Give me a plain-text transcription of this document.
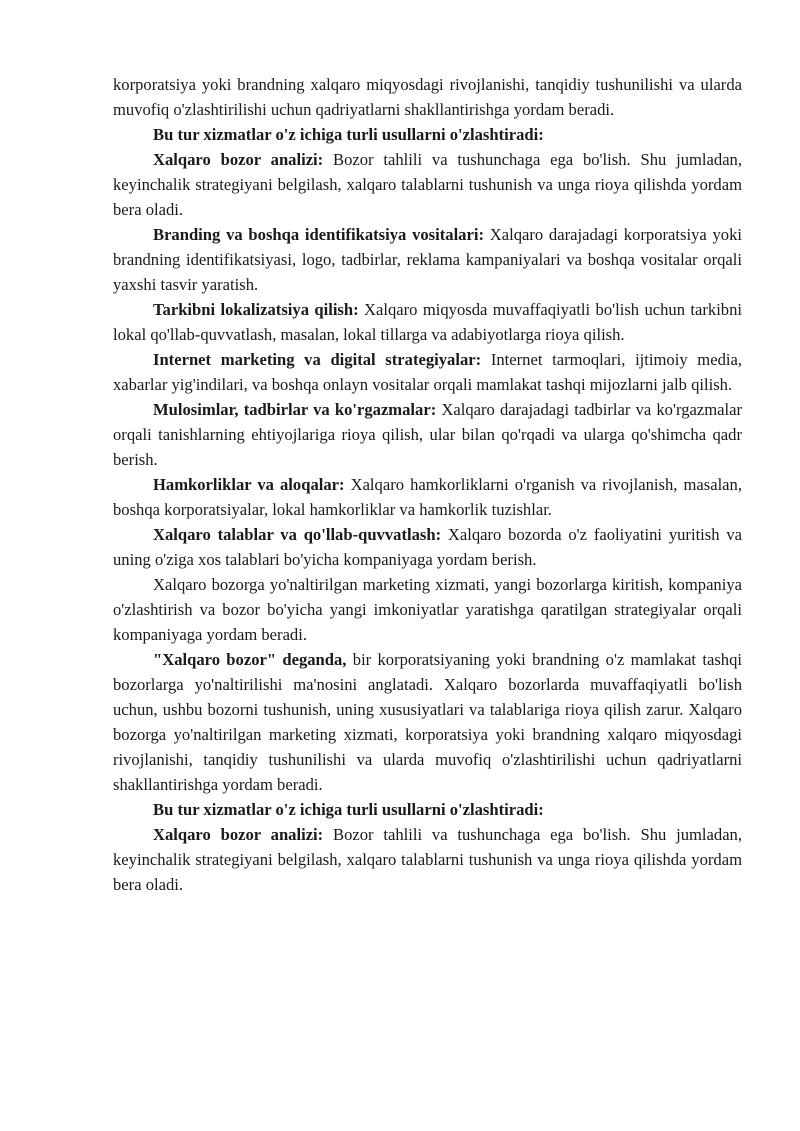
korporatsiya yoki brandning xalqaro miqyosdagi rivojlanishi, tanqidiy tushunilishi va ularda muvofiq o'zlashtirilishi uchun qadriyatlarni shakllantirishga yordam beradi.

Bu tur xizmatlar o'z ichiga turli usullarni o'zlashtiradi:

Xalqaro bozor analizi: Bozor tahlili va tushunchaga ega bo'lish. Shu jumladan, keyinchalik strategiyani belgilash, xalqaro talablarni tushunish va unga rioya qilishda yordam bera oladi.

Branding va boshqa identifikatsiya vositalari: Xalqaro darajadagi korporatsiya yoki brandning identifikatsiyasi, logo, tadbirlar, reklama kampaniyalari va boshqa vositalar orqali yaxshi tasvir yaratish.

Tarkibni lokalizatsiya qilish: Xalqaro miqyosda muvaffaqiyatli bo'lish uchun tarkibni lokal qo'llab-quvvatlash, masalan, lokal tillarga va adabiyotlarga rioya qilish.

Internet marketing va digital strategiyalar: Internet tarmoqlari, ijtimoiy media, xabarlar yig'indilari, va boshqa onlayn vositalar orqali mamlakat tashqi mijozlarni jalb qilish.

Mulosimlar, tadbirlar va ko'rgazmalar: Xalqaro darajadagi tadbirlar va ko'rgazmalar orqali tanishlarning ehtiyojlariga rioya qilish, ular bilan qo'rqadi va ularga qo'shimcha qadr berish.

Hamkorliklar va aloqalar: Xalqaro hamkorliklarni o'rganish va rivojlanish, masalan, boshqa korporatsiyalar, lokal hamkorliklar va hamkorlik tuzishlar.

Xalqaro talablar va qo'llab-quvvatlash: Xalqaro bozorda o'z faoliyatini yuritish va uning o'ziga xos talablari bo'yicha kompaniyaga yordam berish.

Xalqaro bozorga yo'naltirilgan marketing xizmati, yangi bozorlarga kiritish, kompaniya o'zlashtirish va bozor bo'yicha yangi imkoniyatlar yaratishga qaratilgan strategiyalar orqali kompaniyaga yordam beradi.

"Xalqaro bozor" deganda, bir korporatsiyaning yoki brandning o'z mamlakat tashqi bozorlarga yo'naltirilishi ma'nosini anglatadi. Xalqaro bozorlarda muvaffaqiyatli bo'lish uchun, ushbu bozorni tushunish, uning xususiyatlari va talablariga rioya qilish zarur. Xalqaro bozorga yo'naltirilgan marketing xizmati, korporatsiya yoki brandning xalqaro miqyosdagi rivojlanishi, tanqidiy tushunilishi va ularda muvofiq o'zlashtirilishi uchun qadriyatlarni shakllantirishga yordam beradi.

Bu tur xizmatlar o'z ichiga turli usullarni o'zlashtiradi:

Xalqaro bozor analizi: Bozor tahlili va tushunchaga ega bo'lish. Shu jumladan, keyinchalik strategiyani belgilash, xalqaro talablarni tushunish va unga rioya qilishda yordam bera oladi.
